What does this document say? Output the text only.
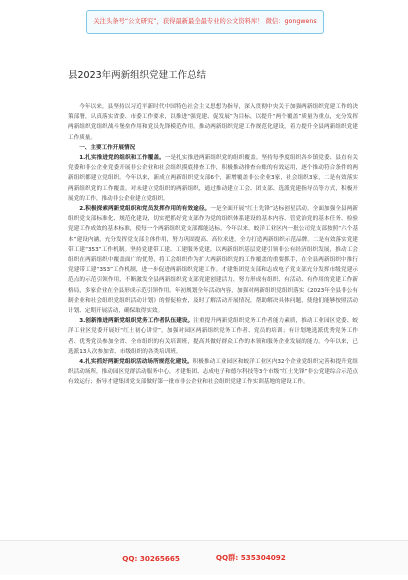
关注头条号“公文研究”，获得最新最全最专业的公文资料库！ 微信：gongwens
县2023年两新组织党建工作总结

今年以来，县坚持以习近平新时代中国特色社会主义思想为指导，深入贯彻中央关于加强两新组织党建工作的决策部署，认真落实省委、市委工作要求，以推进“强党建、促发展”为目标，以提升“两个覆盖”质量为重点，充分发挥两新组织党组织战斗堡垒作用和党员先锋模范作用，推动两新组织党建工作规范化建设，着力提升全县两新组织党建工作质量。

一、主要工作开展情况

1.扎实推进党的组织和工作覆盖。一是扎实推进两新组织党的组织覆盖。坚持每季度组织各乡镇党委、县直有关党委和非公企业党委开展非公企业和社会组织摸底排查工作，积极推动排查台账的有效运用，逐个推动符合条件的两新组织都建立党组织。今年以来，新成立两新组织党支部6个，新增覆盖非公企业3家，社会组织3家，二是有效落实两新组织党的工作覆盖。对未建立党组织的两新组织，通过推动建立工会、团支部、选派党建指导员等方式，积极开展党的工作，推动非公企业建立党组织。

2.积极探索两新党组织和党员发挥作用的有效途径。一是全面开展“红土先锋”达标创星活动。全面加强全县两新组织党支部标准化、规范化建设，切实把抓好党支部作为党的组织体系建设的基本内容、管党治党的基本任务、检验党建工作成效的基本标准，使每一个两新组织党支部都能达标。今年以来，蛟洋工业区内一批公司党支部按照“六个基本”建设内涵，充分发挥党支部主体作用，努力巩固提高、高位求进，全力打造两新组织示范品牌。二是有效落实党建带工建“353”工作机制。坚持党建带工建、工建服务党建，以两新组织基层党建引领非公有经济组织发展，推动工会组织在两新组织中覆盖面广的优势，将工会组织作为扩大两新组织党的工作覆盖的重要抓手，在全县两新组织中推行党建带工建“353”工作机制，进一步促进两新组织党建工作。才建集团党支部和志成电子党支部充分发挥市级党建示范点的示范引领作用，不断激发全县两新组织党支部党建创建活力，努力形成有组织、有活动、有作用的党建工作新格局，多家企业在全县形成示范引领作用。年初规划全年活动内容，加强对两新组织党组织落实《2023年全县非公有制企业和社会组织党组织活动计划》的督促检查，及时了解活动开展情况，帮助解决具体问题，使他们能够按照活动计划、定期开展活动，确保取得实效。

3.创新推进两新党组织党务工作者队伍建设。注重提升两新党组织党务工作者能力素质，推动工业园区党委、蛟洋工业区党委开展好“红土初心讲堂”，加强对园区两新组织党务工作者、党员的培训；有计划地选派优秀党务工作者、优秀党员参加全省、全市组织的有关培训班，提高其做好群众工作的本领和服务企业发展的能力。今年以来，已选派13人次参加省、市级组织的各类培训班。

4.扎实抓好两新党组织活动场所规范化建设。积极推动工业园区和蛟洋工业区内32个企业党组织完善和提升党组织活动场所，推动园区党群活动服务中心，才建集团、志成电子和德尔科技等3个市级“红土先锋”非公党建综合示范点有效运行；指导才建集团党支部做好第一批市非公企业和社会组织党建工作实训基地的建设工作。

QQ: 30265665	QQ群: 535304092
